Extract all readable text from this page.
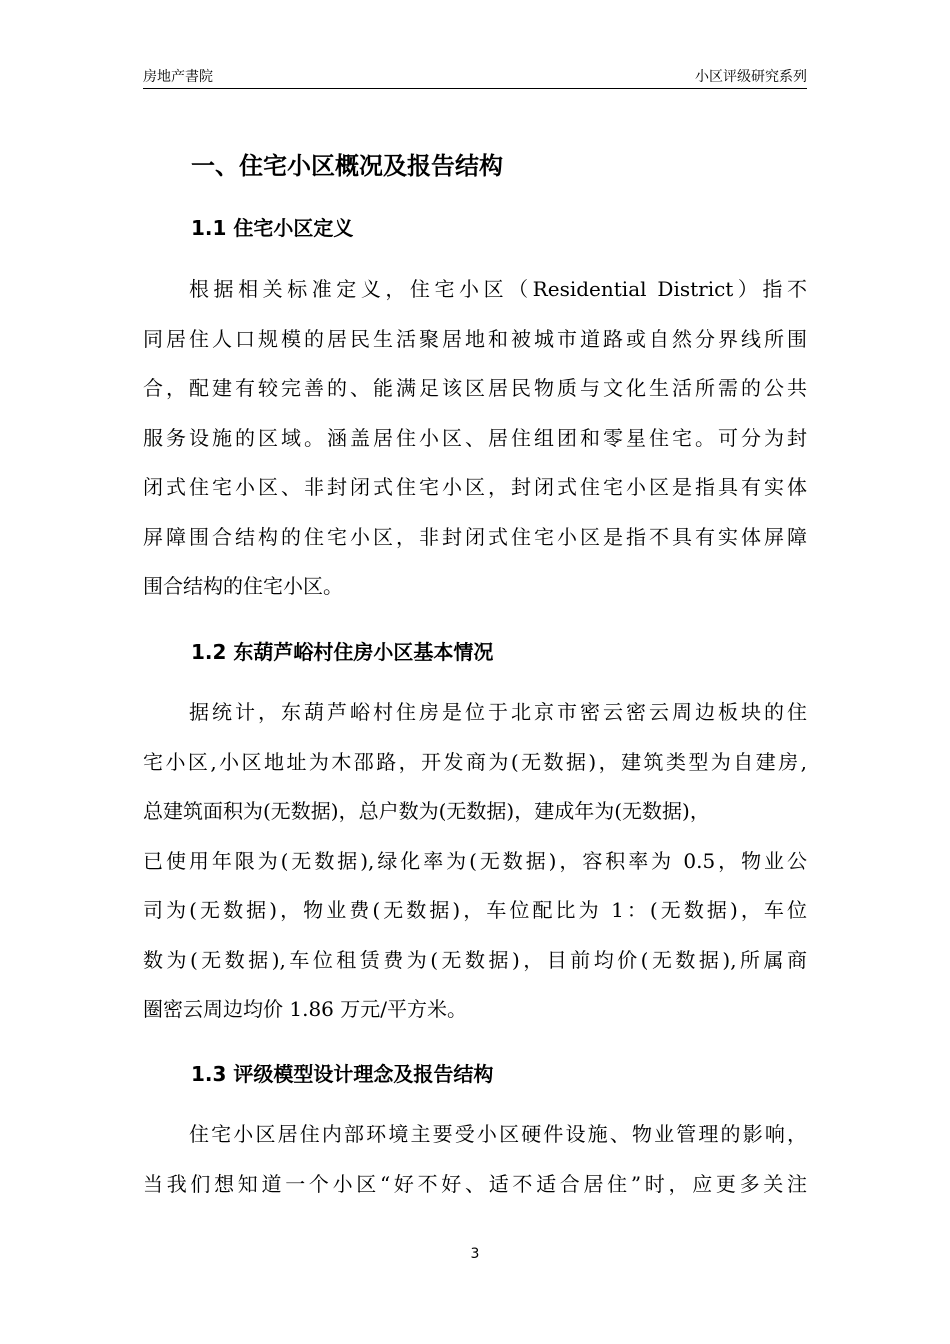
房地产書院	小区评级研究系列
一、住宅小区概况及报告结构
1.1 住宅小区定义
根据相关标准定义，住宅小区（Residential District）指不
同居住人口规模的居民生活聚居地和被城市道路或自然分界线所围
合，配建有较完善的、能满足该区居民物质与文化生活所需的公共
服务设施的区域。涵盖居住小区、居住组团和零星住宅。可分为封
闭式住宅小区、非封闭式住宅小区，封闭式住宅小区是指具有实体
屏障围合结构的住宅小区，非封闭式住宅小区是指不具有实体屏障
围合结构的住宅小区。
1.2 东葫芦峪村住房小区基本情况
据统计，东葫芦峪村住房是位于北京市密云密云周边板块的住
宅小区,小区地址为木邵路，开发商为(无数据)，建筑类型为自建房,
总建筑面积为(无数据)，总户数为(无数据)，建成年为(无数据)，
已使用年限为(无数据),绿化率为(无数据)，容积率为 0.5，物业公
司为(无数据)，物业费(无数据)，车位配比为 1：(无数据)，车位
数为(无数据),车位租赁费为(无数据)，目前均价(无数据),所属商
圈密云周边均价 1.86 万元/平方米。
1.3 评级模型设计理念及报告结构
住宅小区居住内部环境主要受小区硬件设施、物业管理的影响，
当我们想知道一个小区“好不好、适不适合居住”时，应更多关注
3
